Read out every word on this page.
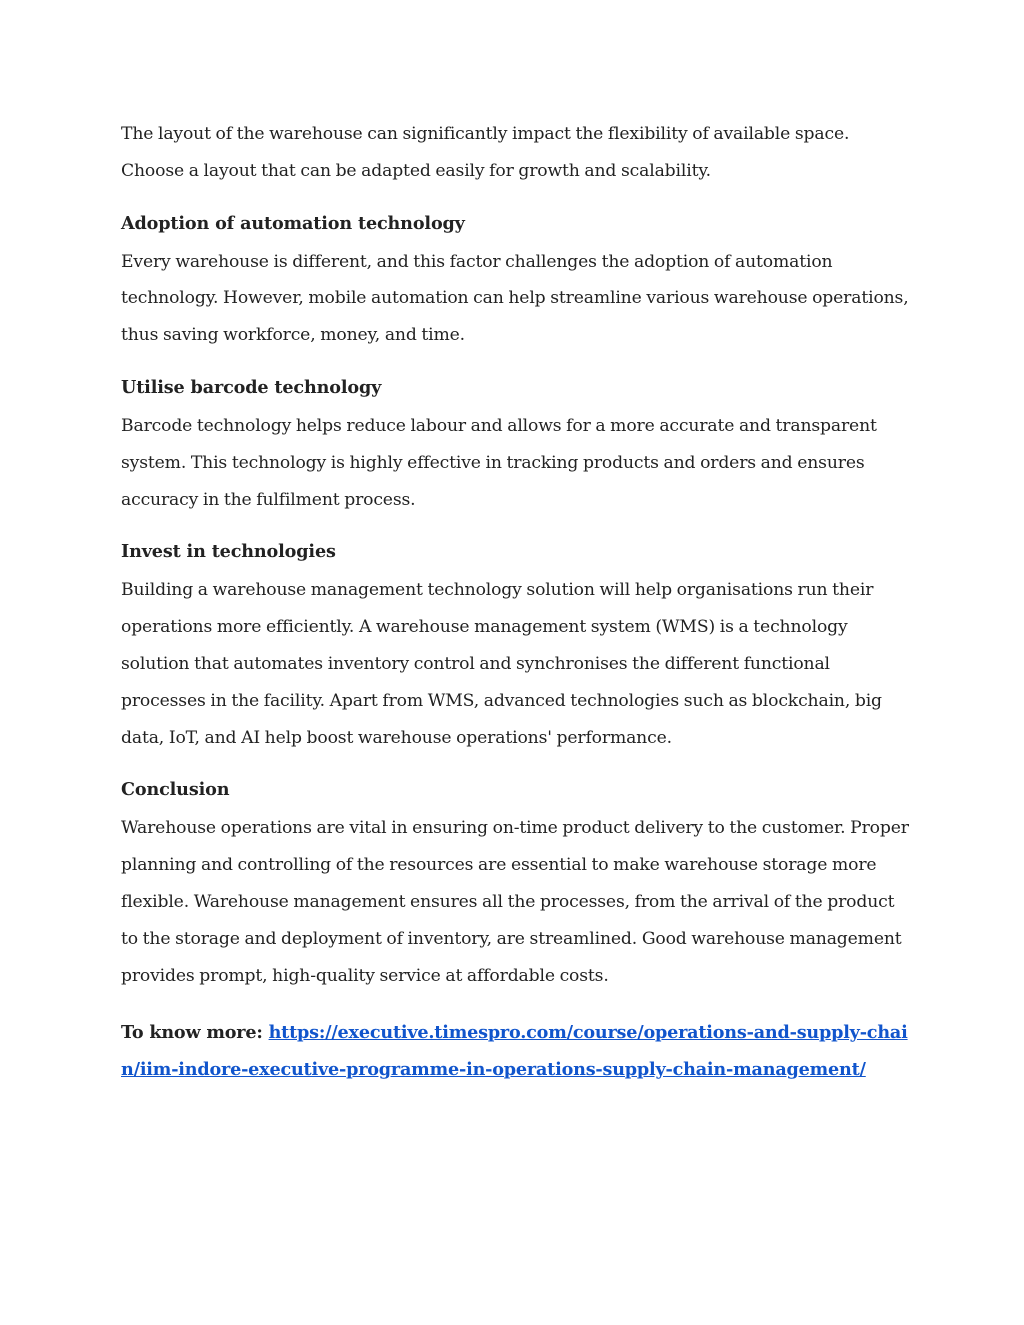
The layout of the warehouse can significantly impact the flexibility of available space. Choose a layout that can be adapted easily for growth and scalability.

Adoption of automation technology

Every warehouse is different, and this factor challenges the adoption of automation technology. However, mobile automation can help streamline various warehouse operations, thus saving workforce, money, and time.

Utilise barcode technology

Barcode technology helps reduce labour and allows for a more accurate and transparent system. This technology is highly effective in tracking products and orders and ensures accuracy in the fulfilment process.

Invest in technologies

Building a warehouse management technology solution will help organisations run their operations more efficiently. A warehouse management system (WMS) is a technology solution that automates inventory control and synchronises the different functional processes in the facility. Apart from WMS, advanced technologies such as blockchain, big data, IoT, and AI help boost warehouse operations' performance.

Conclusion

Warehouse operations are vital in ensuring on-time product delivery to the customer. Proper planning and controlling of the resources are essential to make warehouse storage more flexible. Warehouse management ensures all the processes, from the arrival of the product to the storage and deployment of inventory, are streamlined. Good warehouse management provides prompt, high-quality service at affordable costs.

To know more: https://executive.timespro.com/course/operations-and-supply-chain/iim-indore-executive-programme-in-operations-supply-chain-management/
